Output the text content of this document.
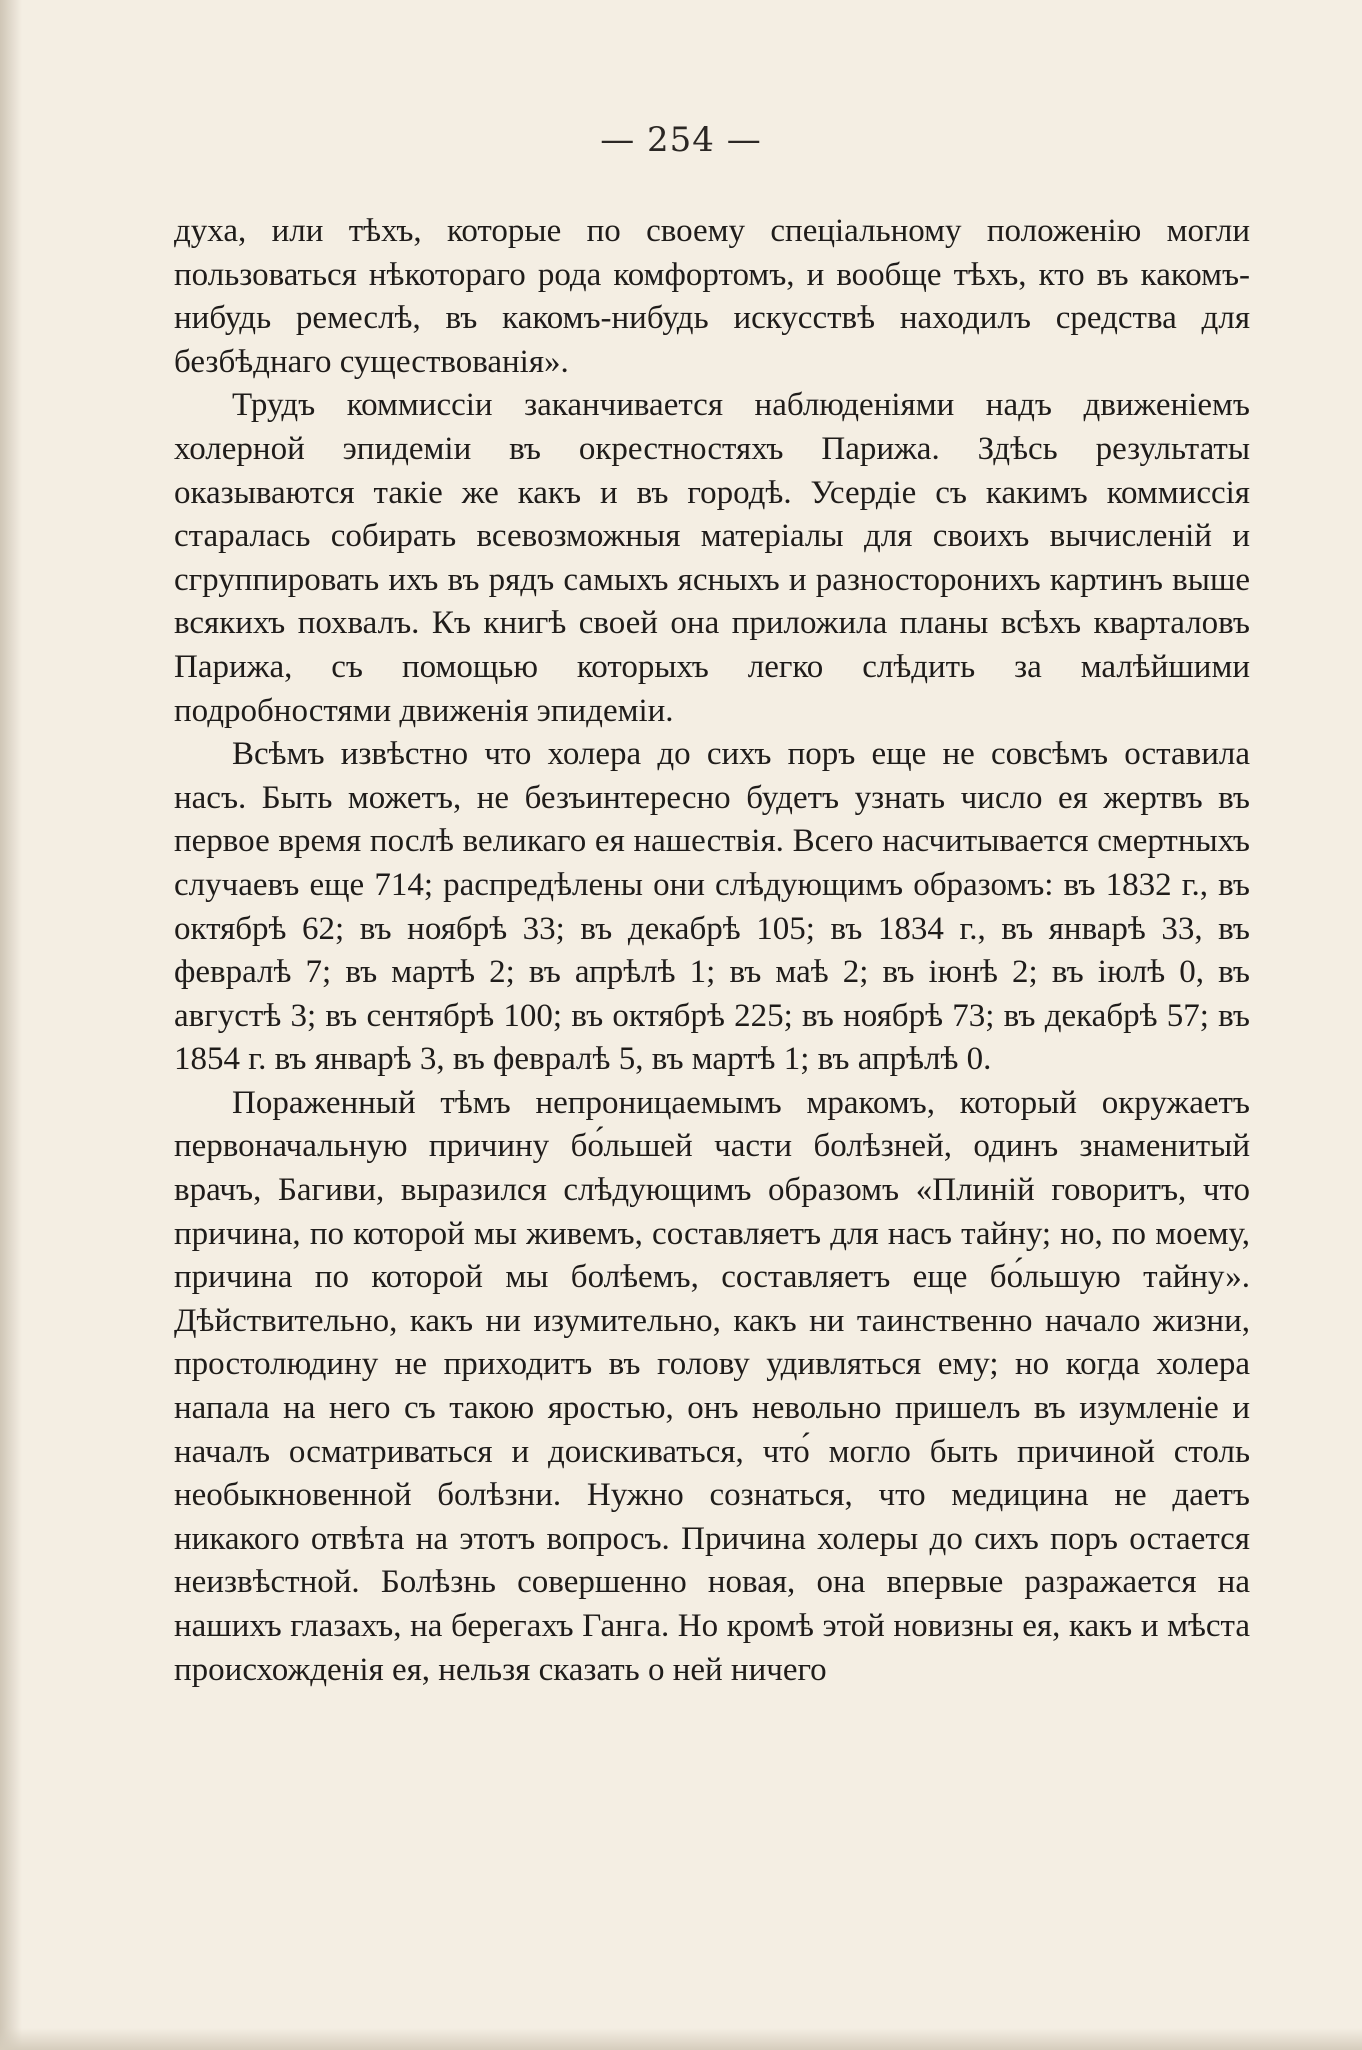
— 254 —

духа, или тѣхъ, которые по своему спеціальному положенію могли пользоваться нѣкотораго рода комфортомъ, и вообще тѣхъ, кто въ какомъ-нибудь ремеслѣ, въ какомъ-нибудь искусствѣ находилъ средства для безбѣднаго существованія».

Трудъ коммиссіи заканчивается наблюденіями надъ движеніемъ холерной эпидеміи въ окрестностяхъ Парижа. Здѣсь результаты оказываются такіе же какъ и въ городѣ. Усердіе съ какимъ коммиссія старалась собирать всевозможныя матеріалы для своихъ вычисленій и сгруппировать ихъ въ рядъ самыхъ ясныхъ и разносторонихъ картинъ выше всякихъ похвалъ. Къ книгѣ своей она приложила планы всѣхъ кварталовъ Парижа, съ помощью которыхъ легко слѣдить за малѣйшими подробностями движенія эпидеміи.

Всѣмъ извѣстно что холера до сихъ поръ еще не совсѣмъ оставила насъ. Быть можетъ, не безъинтересно будетъ узнать число ея жертвъ въ первое время послѣ великаго ея нашествія. Всего насчитывается смертныхъ случаевъ еще 714; распредѣлены они слѣдующимъ образомъ: въ 1832 г., въ октябрѣ 62; въ ноябрѣ 33; въ декабрѣ 105; въ 1834 г., въ январѣ 33, въ февралѣ 7; въ мартѣ 2; въ апрѣлѣ 1; въ маѣ 2; въ іюнѣ 2; въ іюлѣ 0, въ августѣ 3; въ сентябрѣ 100; въ октябрѣ 225; въ ноябрѣ 73; въ декабрѣ 57; въ 1854 г. въ январѣ 3, въ февралѣ 5, въ мартѣ 1; въ апрѣлѣ 0.

Пораженный тѣмъ непроницаемымъ мракомъ, который окружаетъ первоначальную причину бо́льшей части болѣзней, одинъ знаменитый врачъ, Багиви, выразился слѣдующимъ образомъ «Плиній говоритъ, что причина, по которой мы живемъ, составляетъ для насъ тайну; но, по моему, причина по которой мы болѣемъ, составляетъ еще бо́льшую тайну». Дѣйствительно, какъ ни изумительно, какъ ни таинственно начало жизни, простолюдину не приходитъ въ голову удивляться ему; но когда холера напала на него съ такою яростью, онъ невольно пришелъ въ изумленіе и началъ осматриваться и доискиваться, что́ могло быть причиной столь необыкновенной болѣзни. Нужно сознаться, что медицина не даетъ никакого отвѣта на этотъ вопросъ. Причина холеры до сихъ поръ остается неизвѣстной. Болѣзнь совершенно новая, она впервые разражается на нашихъ глазахъ, на берегахъ Ганга. Но кромѣ этой новизны ея, какъ и мѣста происхожденія ея, нельзя сказать о ней ничего
